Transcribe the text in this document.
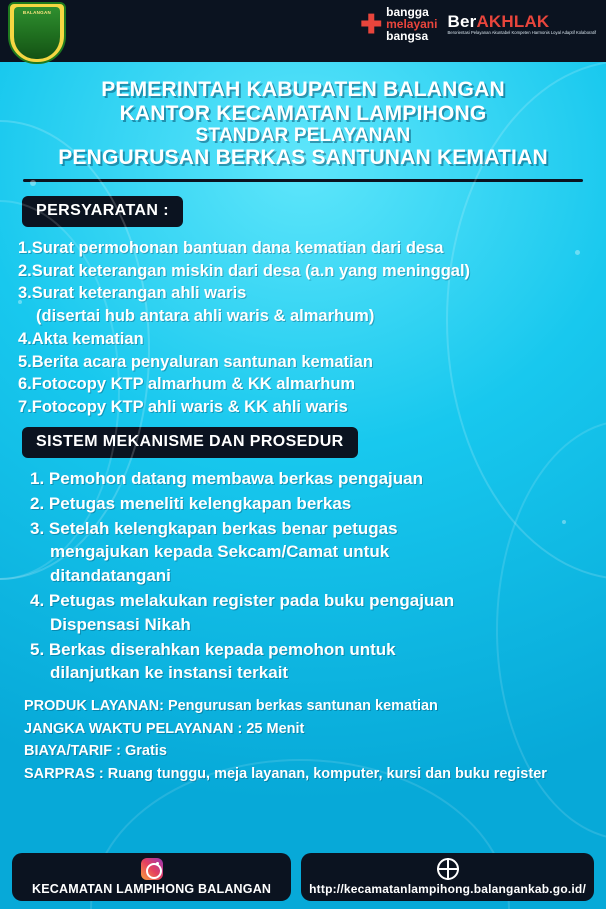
BALANGAN	✚ bangga
melayani
bangsa
BerAKHLAK
Berorientasi Pelayanan Akuntabel Kompeten Harmonis Loyal Adaptif Kolaboratif
PEMERINTAH KABUPATEN BALANGAN
KANTOR KECAMATAN LAMPIHONG
STANDAR PELAYANAN
PENGURUSAN BERKAS SANTUNAN KEMATIAN
PERSYARATAN :
1.Surat permohonan bantuan dana kematian dari desa
2.Surat keterangan miskin dari desa (a.n yang meninggal)
3.Surat keterangan ahli waris
(disertai hub antara ahli waris & almarhum)
4.Akta kematian
5.Berita acara penyaluran santunan kematian
6.Fotocopy KTP almarhum & KK almarhum
7.Fotocopy KTP ahli waris & KK ahli waris
SISTEM MEKANISME DAN PROSEDUR
1. Pemohon datang membawa berkas pengajuan
2. Petugas meneliti kelengkapan berkas
3. Setelah kelengkapan berkas benar petugas
mengajukan kepada Sekcam/Camat untuk
ditandatangani
4. Petugas melakukan register pada buku pengajuan
Dispensasi Nikah
5. Berkas diserahkan kepada pemohon untuk
dilanjutkan ke instansi terkait
PRODUK LAYANAN: Pengurusan berkas santunan kematian
JANGKA WAKTU PELAYANAN : 25 Menit
BIAYA/TARIF : Gratis
SARPRAS : Ruang tunggu, meja layanan, komputer, kursi dan buku register
KECAMATAN LAMPIHONG BALANGAN	http://kecamatanlampihong.balangankab.go.id/
